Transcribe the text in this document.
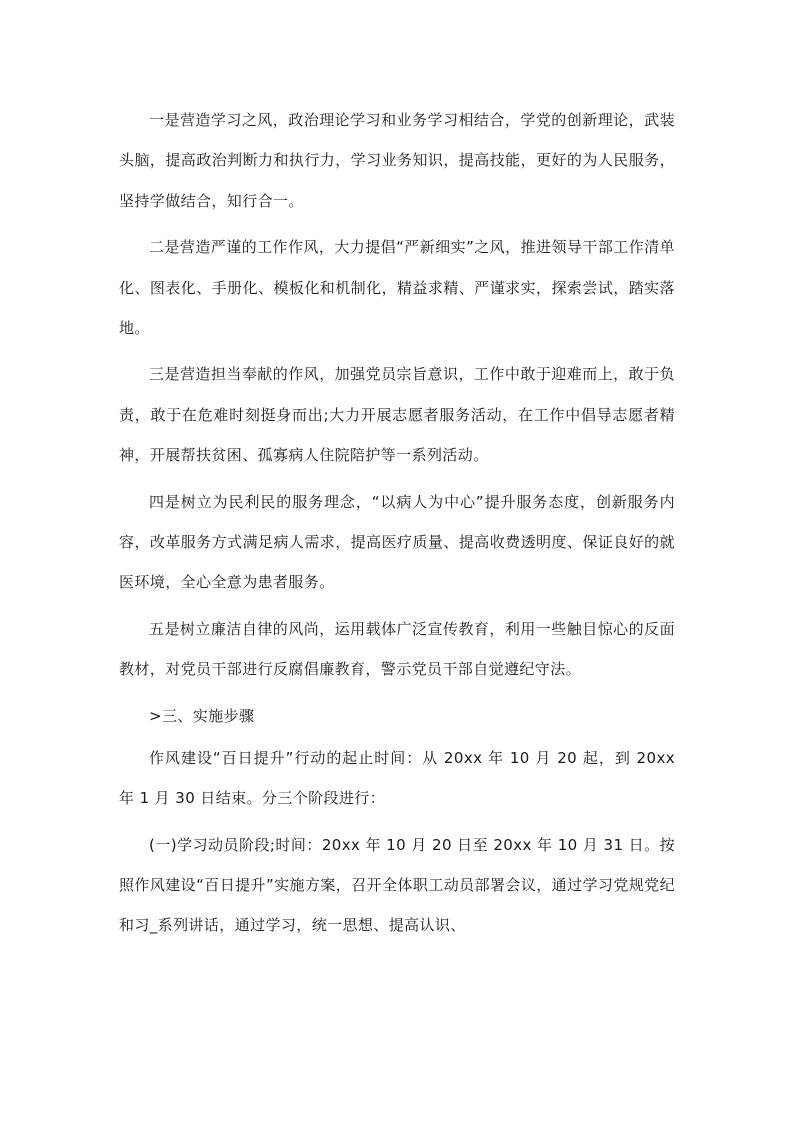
一是营造学习之风，政治理论学习和业务学习相结合，学党的创新理论，武装头脑，提高政治判断力和执行力，学习业务知识，提高技能，更好的为人民服务，坚持学做结合，知行合一。

二是营造严谨的工作作风，大力提倡“严新细实”之风，推进领导干部工作清单化、图表化、手册化、模板化和机制化，精益求精、严谨求实，探索尝试，踏实落地。

三是营造担当奉献的作风，加强党员宗旨意识，工作中敢于迎难而上，敢于负责，敢于在危难时刻挺身而出;大力开展志愿者服务活动，在工作中倡导志愿者精神，开展帮扶贫困、孤寡病人住院陪护等一系列活动。

四是树立为民利民的服务理念，“以病人为中心”提升服务态度，创新服务内容，改革服务方式满足病人需求，提高医疗质量、提高收费透明度、保证良好的就医环境，全心全意为患者服务。

五是树立廉洁自律的风尚，运用载体广泛宣传教育，利用一些触目惊心的反面教材，对党员干部进行反腐倡廉教育，警示党员干部自觉遵纪守法。

>三、实施步骤

作风建设“百日提升”行动的起止时间：从 20xx 年 10 月 20 起，到 20xx 年 1 月 30 日结束。分三个阶段进行：

(一)学习动员阶段;时间：20xx 年 10 月 20 日至 20xx 年 10 月 31 日。按照作风建设“百日提升”实施方案，召开全体职工动员部署会议，通过学习党规党纪和习_系列讲话，通过学习，统一思想、提高认识、
